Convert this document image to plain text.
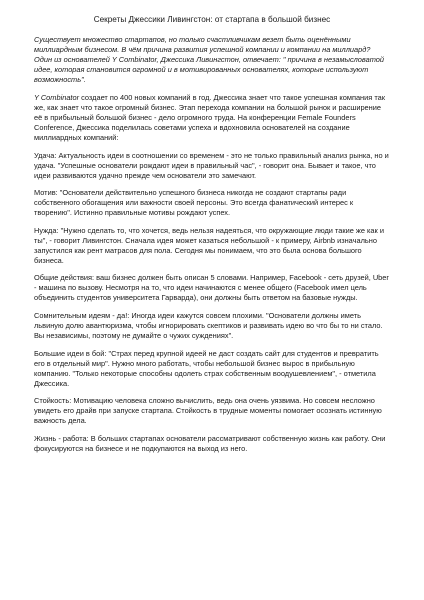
Секреты Джессики Ливингстон: от стартапа в большой бизнес

Существует множество стартапов, но только счастливчикам везет быть оценёнными миллиардным бизнесом. В чём причина развития успешной компании и компании на миллиард? Один из основателей Y Combinator, Джессика Ливингстон, отвечает: " причина в незамысловатой идее, которая становится огромной и в мотивированных основателях, которые используют возможность".

Y Combinator создает по 400 новых компаний в год. Джессика знает что такое успешная компания так же, как знает что такое огромный бизнес. Этап перехода компании на большой рынок и расширение её в прибыльный большой бизнес - дело огромного труда. На конференции Female Founders Conference, Джессика поделилась советами успеха и вдохновила основателей на создание миллиардных компаний:

Удача: Актуальность идеи в соотношении со временем - это не только правильный анализ рынка, но и удача. "Успешные основатели рождают идеи в правильный час", - говорит она. Бывает и такое, что идеи развиваются удачно прежде чем основатели это замечают.

Мотив: "Основатели действительно успешного бизнеса никогда не создают стартапы ради собственного обогащения или важности своей персоны. Это всегда фанатический интерес к творению". Истинно правильные мотивы рождают успех.

Нужда: "Нужно сделать то, что хочется, ведь нельзя надеяться, что окружающие люди такие же как и ты", - говорит Ливингстон. Сначала идея может казаться небольшой - к примеру, Airbnb изначально запустился как рент матрасов для пола. Сегодня мы понимаем, что это была основа большого бизнеса.

Общие действия: ваш бизнес должен быть описан 5 словами. Например, Facebook - сеть друзей, Uber - машина по вызову. Несмотря на то, что идеи начинаются с менее общего (Facebook имел цель объединить студентов университета Гарварда), они должны быть ответом на базовые нужды.

Сомнительным идеям - да!: Иногда идеи кажутся совсем плохими. "Основатели должны иметь львиную долю авантюризма, чтобы игнорировать скептиков и развивать идею во что бы то ни стало. Вы независимы, поэтому не думайте о чужих суждениях".

Большие идеи в бой: "Страх перед крупной идеей не даст создать сайт для студентов и превратить его в отдельный мир". Нужно много работать, чтобы небольшой бизнес вырос в прибыльную компанию. "Только некоторые способны одолеть страх собственным воодушевлением", - отметила Джессика.

Стойкость: Мотивацию человека сложно вычислить, ведь она очень уязвима. Но совсем несложно увидеть его драйв при запуске стартапа. Стойкость в трудные моменты помогает осознать истинную важность дела.

Жизнь - работа: В больших стартапах основатели рассматривают собственную жизнь как работу. Они фокусируются на бизнесе и не подкупаются на выход из него.
